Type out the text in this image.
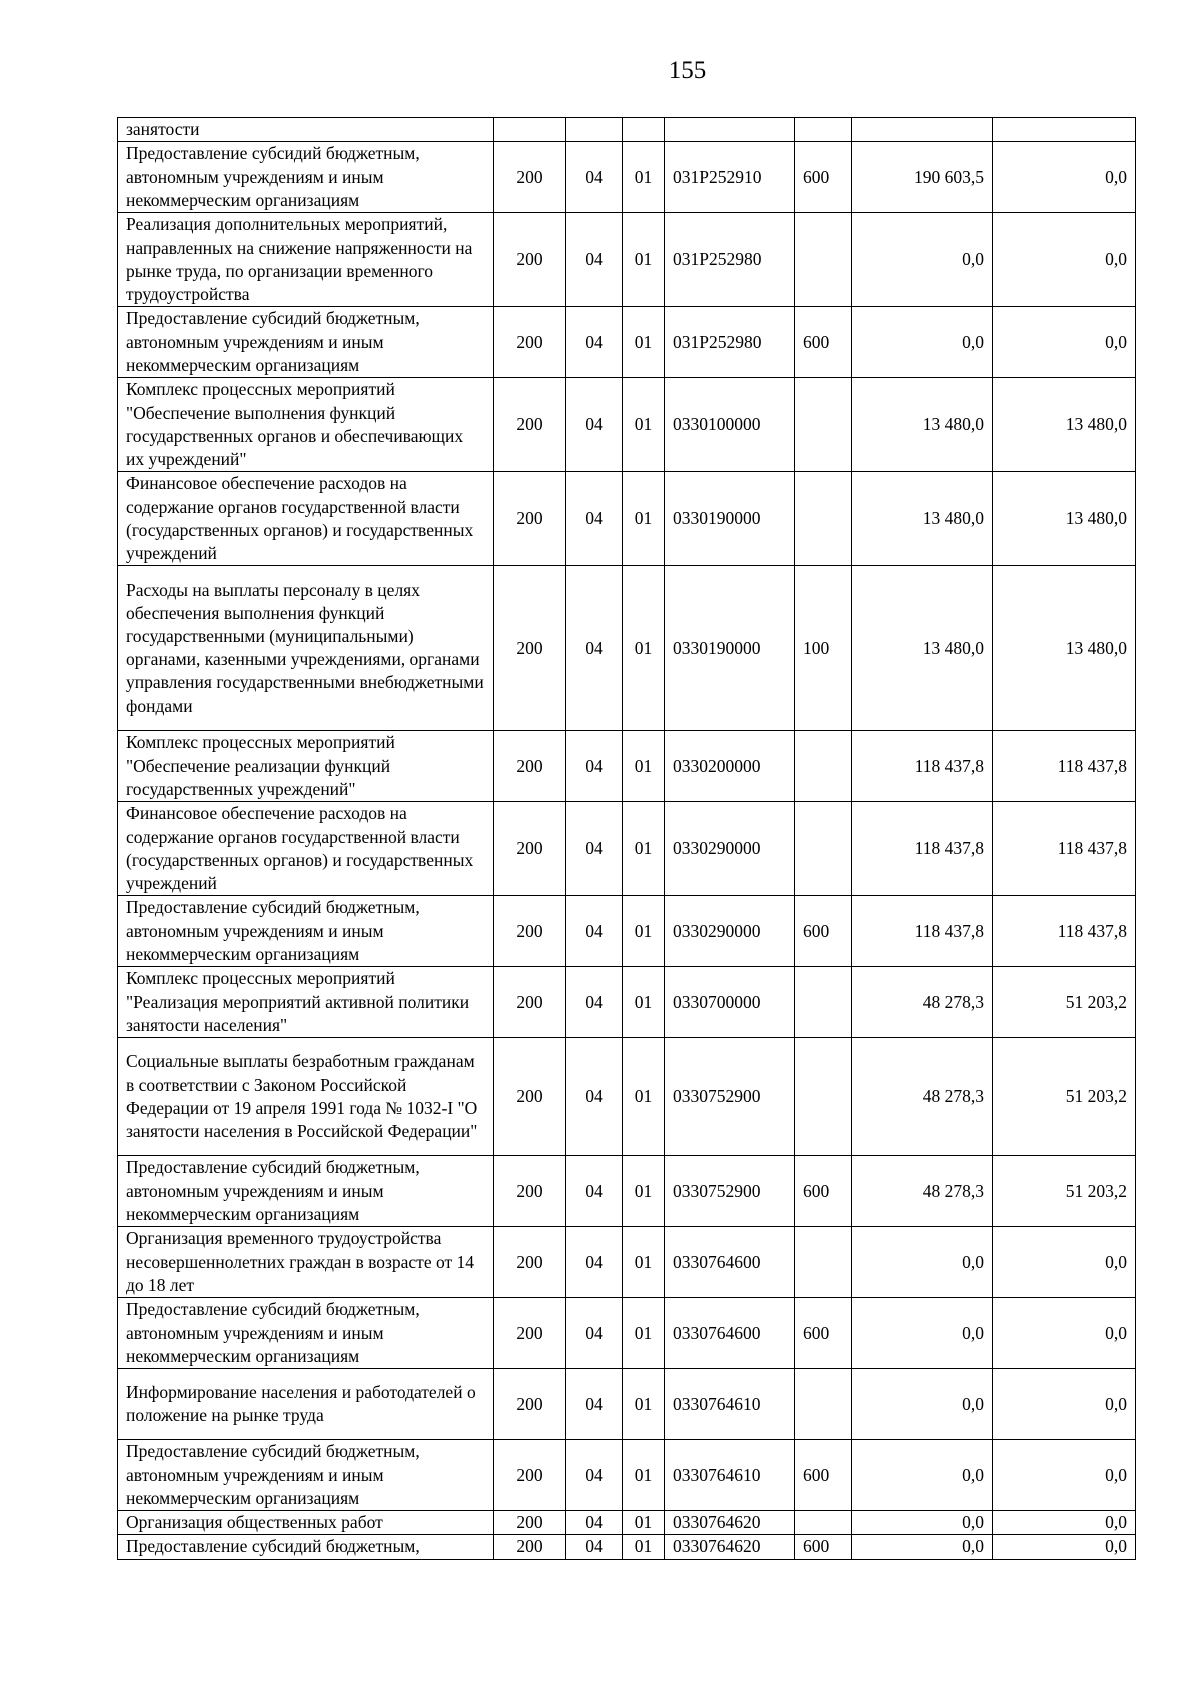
155
занятости							
Предоставление субсидий бюджетным, автономным учреждениям и иным некоммерческим организациям	200	04	01	031P252910	600	190 603,5	0,0
Реализация дополнительных мероприятий, направленных на снижение напряженности на рынке труда, по организации временного трудоустройства	200	04	01	031P252980		0,0	0,0
Предоставление субсидий бюджетным, автономным учреждениям и иным некоммерческим организациям	200	04	01	031P252980	600	0,0	0,0
Комплекс процессных мероприятий "Обеспечение выполнения функций государственных органов и обеспечивающих их учреждений"	200	04	01	0330100000		13 480,0	13 480,0
Финансовое обеспечение расходов на содержание органов государственной власти (государственных органов) и государственных учреждений	200	04	01	0330190000		13 480,0	13 480,0
Расходы на выплаты персоналу в целях обеспечения выполнения функций государственными (муниципальными) органами, казенными учреждениями, органами управления государственными внебюджетными фондами	200	04	01	0330190000	100	13 480,0	13 480,0
Комплекс процессных мероприятий "Обеспечение реализации функций государственных учреждений"	200	04	01	0330200000		118 437,8	118 437,8
Финансовое обеспечение расходов на содержание органов государственной власти (государственных органов) и государственных учреждений	200	04	01	0330290000		118 437,8	118 437,8
Предоставление субсидий бюджетным, автономным учреждениям и иным некоммерческим организациям	200	04	01	0330290000	600	118 437,8	118 437,8
Комплекс процессных мероприятий "Реализация мероприятий активной политики занятости населения"	200	04	01	0330700000		48 278,3	51 203,2
Социальные выплаты безработным гражданам в соответствии с Законом Российской Федерации от 19 апреля 1991 года № 1032-I "О занятости населения в Российской Федерации"	200	04	01	0330752900		48 278,3	51 203,2
Предоставление субсидий бюджетным, автономным учреждениям и иным некоммерческим организациям	200	04	01	0330752900	600	48 278,3	51 203,2
Организация временного трудоустройства несовершеннолетних граждан в возрасте от 14 до 18 лет	200	04	01	0330764600		0,0	0,0
Предоставление субсидий бюджетным, автономным учреждениям и иным некоммерческим организациям	200	04	01	0330764600	600	0,0	0,0
Информирование населения и работодателей о положение на рынке труда	200	04	01	0330764610		0,0	0,0
Предоставление субсидий бюджетным, автономным учреждениям и иным некоммерческим организациям	200	04	01	0330764610	600	0,0	0,0
Организация общественных работ	200	04	01	0330764620		0,0	0,0
Предоставление субсидий бюджетным,	200	04	01	0330764620	600	0,0	0,0
